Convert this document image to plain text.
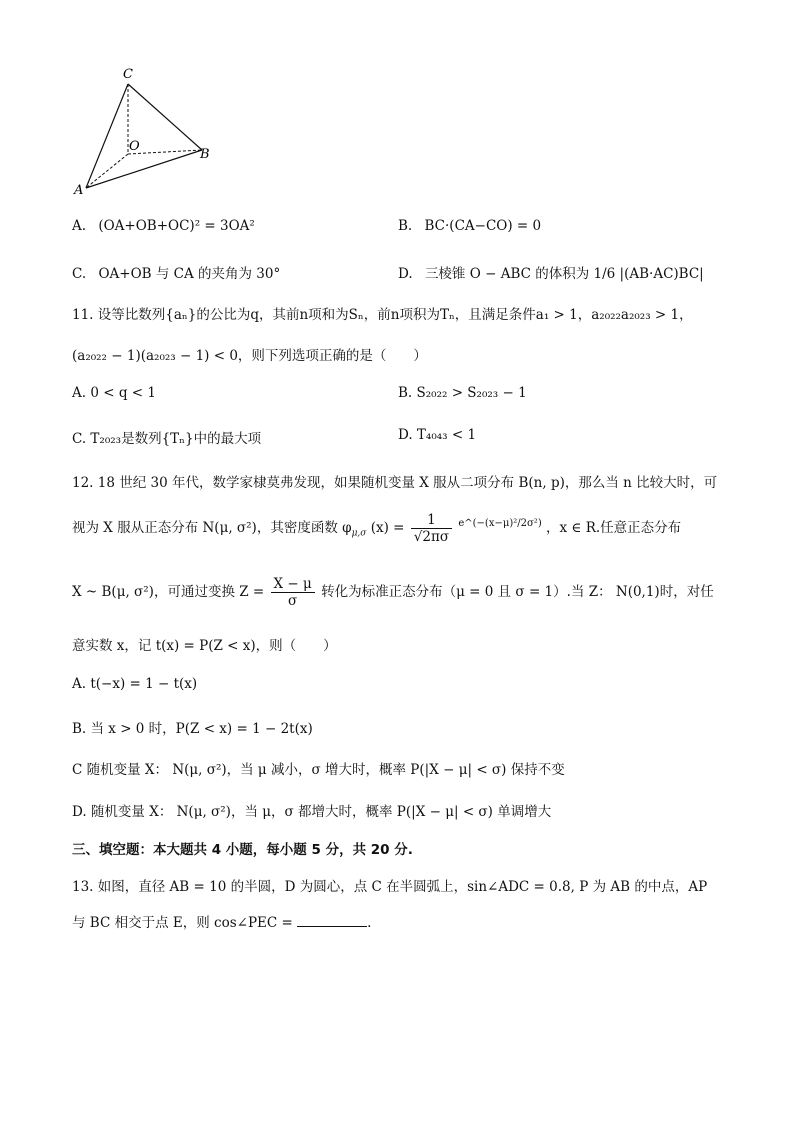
C
O
B
A
A. (OA+OB+OC)² = 3OA²	B. BC·(CA−CO) = 0
C. OA+OB 与 CA 的夹角为 30°	D. 三棱锥 O − ABC 的体积为 1/6 |(AB·AC)BC|
11. 设等比数列{aₙ}的公比为q，其前n项和为Sₙ，前n项积为Tₙ，且满足条件a₁ > 1，a₂₀₂₂a₂₀₂₃ > 1，
(a₂₀₂₂ − 1)(a₂₀₂₃ − 1) < 0，则下列选项正确的是（　　）
A. 0 < q < 1	B. S₂₀₂₂ > S₂₀₂₃ − 1
C. T₂₀₂₃是数列{Tₙ}中的最大项	D. T₄₀₄₃ < 1
12. 18 世纪 30 年代，数学家棣莫弗发现，如果随机变量 X 服从二项分布 B(n, p)，那么当 n 比较大时，可
视为 X 服从正态分布 N(μ, σ²)，其密度函数 $\varphi_{\mu,\sigma}$ $(x) = \frac{1}{√2\pi\sigma} ^{e\^{}(-(x-\mu)^2/2\sigma^2)}$ ，x ∈ R.任意正态分布
X ~ B(μ, σ²)，可通过变换 $Z = \frac{X - \mu}{\sigma}$ 转化为标准正态分布（μ = 0 且 σ = 1）.当 Z： N(0,1)时，对任
意实数 x，记 t(x) = P(Z < x)，则（　　）
A. t(−x) = 1 − t(x)
B. 当 x > 0 时，P(Z < x) = 1 − 2t(x)
C 随机变量 X： N(μ, σ²)，当 μ 减小，σ 增大时，概率 P(|X − μ| < σ) 保持不变
D. 随机变量 X： N(μ, σ²)，当 μ，σ 都增大时，概率 P(|X − μ| < σ) 单调增大
三、填空题：本大题共 4 小题，每小题 5 分，共 20 分.
13. 如图，直径 AB = 10 的半圆，D 为圆心，点 C 在半圆弧上，sin∠ADC = 0.8, P 为 AB 的中点，AP
与 BC 相交于点 E，则 cos∠PEC =	.
